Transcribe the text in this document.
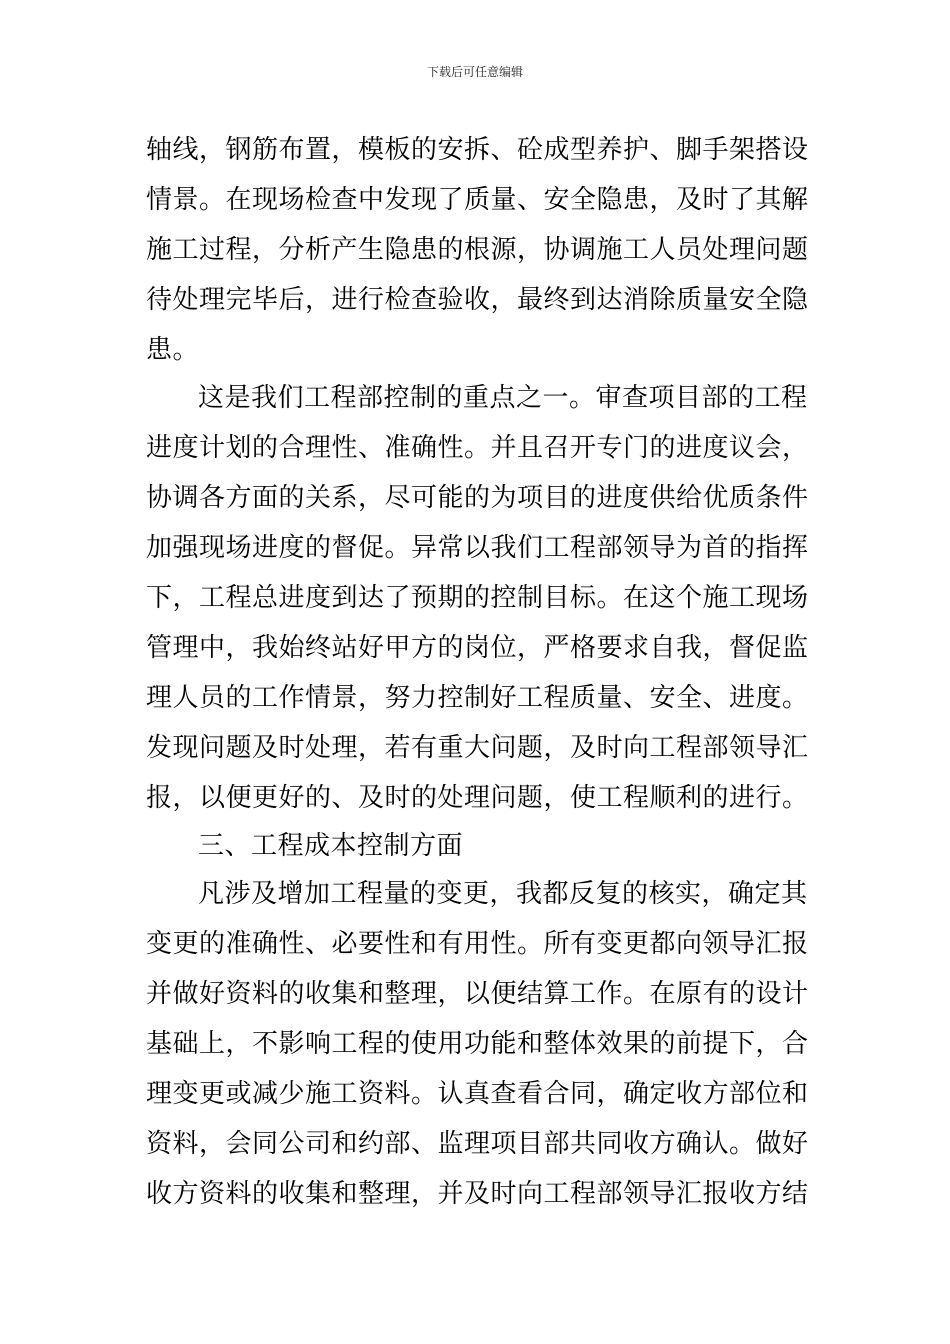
下载后可任意编辑
轴线，钢筋布置，模板的安拆、砼成型养护、脚手架搭设
情景。在现场检查中发现了质量、安全隐患，及时了其解
施工过程，分析产生隐患的根源，协调施工人员处理问题
待处理完毕后，进行检查验收，最终到达消除质量安全隐
患。
这是我们工程部控制的重点之一。审查项目部的工程
进度计划的合理性、准确性。并且召开专门的进度议会，
协调各方面的关系，尽可能的为项目的进度供给优质条件
加强现场进度的督促。异常以我们工程部领导为首的指挥
下，工程总进度到达了预期的控制目标。在这个施工现场
管理中，我始终站好甲方的岗位，严格要求自我，督促监
理人员的工作情景，努力控制好工程质量、安全、进度。
发现问题及时处理，若有重大问题，及时向工程部领导汇
报，以便更好的、及时的处理问题，使工程顺利的进行。
三、工程成本控制方面
凡涉及增加工程量的变更，我都反复的核实，确定其
变更的准确性、必要性和有用性。所有变更都向领导汇报
并做好资料的收集和整理，以便结算工作。在原有的设计
基础上，不影响工程的使用功能和整体效果的前提下，合
理变更或减少施工资料。认真查看合同，确定收方部位和
资料，会同公司和约部、监理项目部共同收方确认。做好
收方资料的收集和整理，并及时向工程部领导汇报收方结
